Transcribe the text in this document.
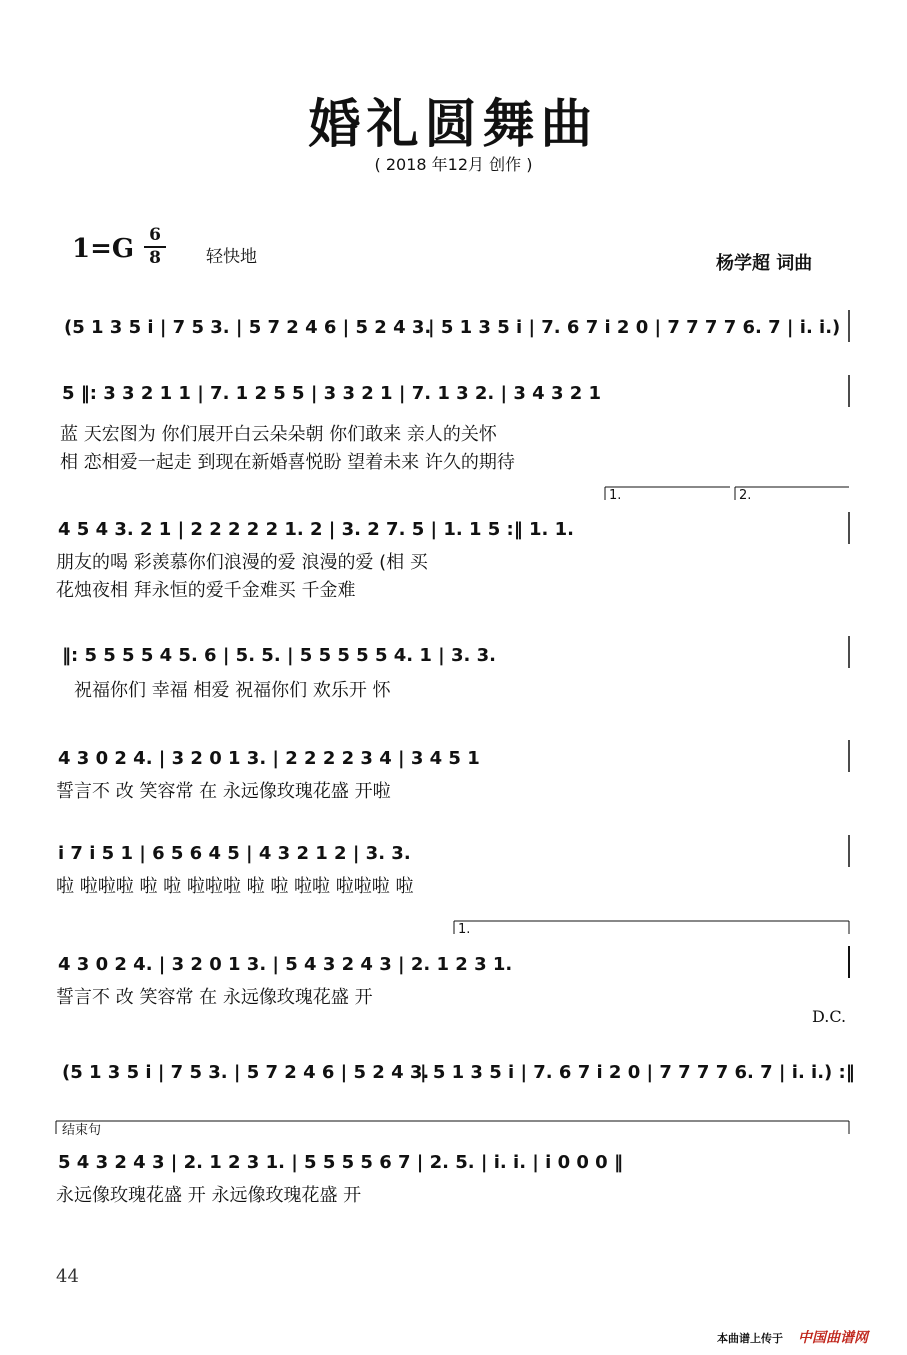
婚礼圆舞曲
( 2018 年12月 创作 )
1=G 6
8	轻快地	杨学超 词曲
(5 1 3 5 i | 7 5 3. | 5 7 2 4 6 | 5 2 4 3.
| 5 1 3 5 i | 7. 6 7 i 2 0 | 7 7 7 7 6. 7 | i. i.)
5 ‖: 3 3 2 1 1 | 7. 1 2 5 5 | 3 3 2 1 | 7. 1 3 2. | 3 4 3 2 1
蓝 天宏图为 你们展开白云朵朵朝 你们敢来 亲人的关怀
相 恋相爱一起走 到现在新婚喜悦盼 望着未来 许久的期待
1.	2.
4 5 4 3. 2 1 | 2 2 2 2 2 1. 2 | 3. 2 7. 5 | 1. 1 5 :‖ 1. 1.
朋友的喝 彩羡慕你们浪漫的爱 浪漫的爱 (相 买
花烛夜相 拜永恒的爱千金难买 千金难
‖: 5 5 5 5 4 5. 6 | 5. 5. | 5 5 5 5 5 4. 1 | 3. 3.
祝福你们 幸福 相爱 祝福你们 欢乐开 怀
4 3 0 2 4. | 3 2 0 1 3. | 2 2 2 2 3 4 | 3 4 5 1
誓言不 改 笑容常 在 永远像玫瑰花盛 开啦
i 7 i 5 1 | 6 5 6 4 5 | 4 3 2 1 2 | 3. 3.
啦 啦啦啦 啦 啦 啦啦啦 啦 啦 啦啦 啦啦啦 啦
1.
4 3 0 2 4. | 3 2 0 1 3. | 5 4 3 2 4 3 | 2. 1 2 3 1.
誓言不 改 笑容常 在 永远像玫瑰花盛 开
D.C.
(5 1 3 5 i | 7 5 3. | 5 7 2 4 6 | 5 2 4 3.
| 5 1 3 5 i | 7. 6 7 i 2 0 | 7 7 7 7 6. 7 | i. i.) :‖
结束句
5 4 3 2 4 3 | 2. 1 2 3 1. | 5 5 5 5 6 7 | 2. 5. | i. i. | i 0 0 0 ‖
永远像玫瑰花盛 开 永远像玫瑰花盛 开
44
本曲谱上传于 中国曲谱网
